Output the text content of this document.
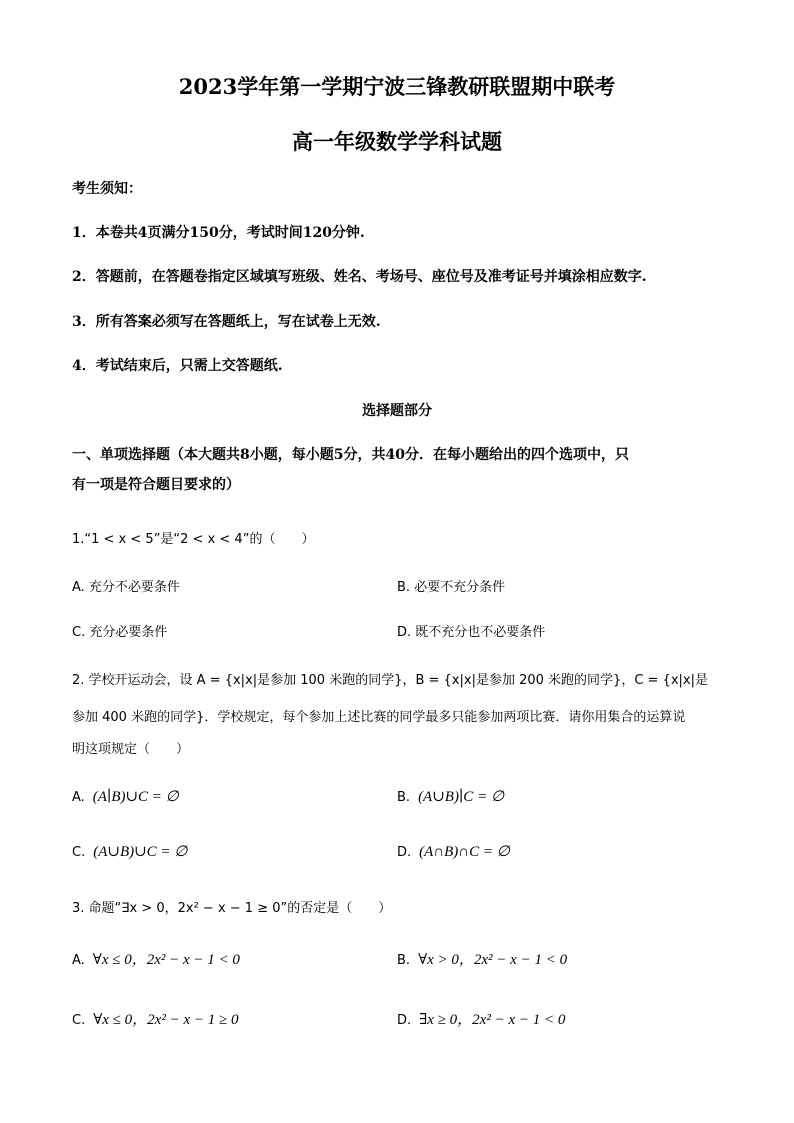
2023学年第一学期宁波三锋教研联盟期中联考
高一年级数学学科试题
考生须知：
1．本卷共4页满分150分，考试时间120分钟.
2．答题前，在答题卷指定区域填写班级、姓名、考场号、座位号及准考证号并填涂相应数字.
3．所有答案必须写在答题纸上，写在试卷上无效.
4．考试结束后，只需上交答题纸.
选择题部分
一、单项选择题（本大题共8小题，每小题5分，共40分．在每小题给出的四个选项中，只
有一项是符合题目要求的）
1.“1 < x < 5”是“2 < x < 4”的（　　）
A. 充分不必要条件	B. 必要不充分条件
C. 充分必要条件	D. 既不充分也不必要条件
2. 学校开运动会，设 A = {x|x|是参加 100 米跑的同学}，B = {x|x|是参加 200 米跑的同学}，C = {x|x|是
参加 400 米跑的同学}．学校规定，每个参加上述比赛的同学最多只能参加两项比赛．请你用集合的运算说
明这项规定（　　）
A. (A∣B)∪C = ∅	B. (A∪B)∣C = ∅
C. (A∪B)∪C = ∅	D. (A∩B)∩C = ∅
3. 命题“∃x > 0，2x² − x − 1 ≥ 0”的否定是（　　）
A. ∀x ≤ 0，2x² − x − 1 < 0	B. ∀x > 0，2x² − x − 1 < 0
C. ∀x ≤ 0，2x² − x − 1 ≥ 0	D. ∃x ≥ 0，2x² − x − 1 < 0
